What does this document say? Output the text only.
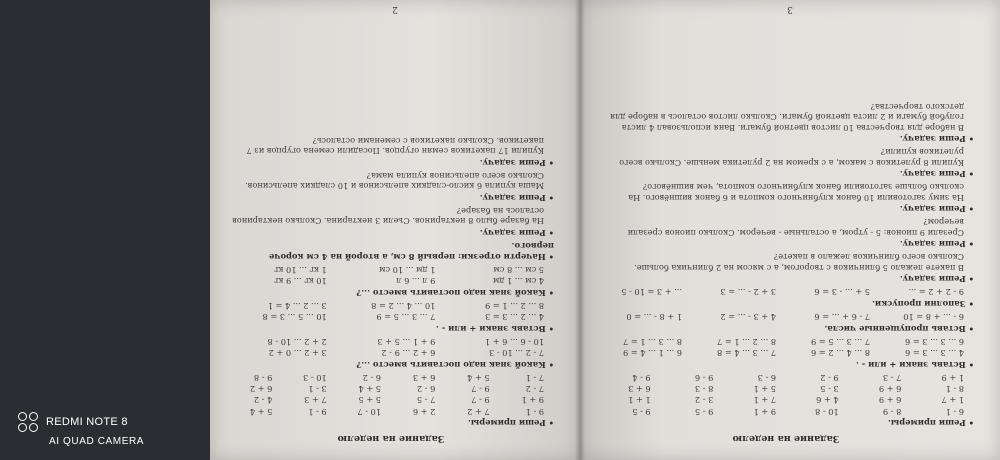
Задание на неделю
• Реши примеры.
9 - 1
7 + 2
2 + 6
10 - 7
9 - 1
5 + 4
9 + 1
9 - 7
7 - 5
5 + 5
7 + 3
4 - 2
7 - 2
9 - 7
6 - 2
5 + 4
3 - 1
6 + 2
7 - 1
5 + 4
6 + 3
6 - 2
10 - 3
9 - 8
• Какой знак надо поставить вместо ...?
7 - 2 ... 10 - 3
6 + 2 ... 9 - 2
3 + 2 ... 0 + 2
10 - 6 ... 6 + 1
9 + 1 ... 5 + 3
2 + 2 ... 10 - 8
• Вставь знаки + или - .
4 ... 2 ... 3 = 3
7 ... 3 ... 5 = 9
10 ... 5 ... 3 = 8
8 ... 2 ... 1 = 9
10 ... 4 ... 2 = 8
3 ... 2 ... 4 = 1
• Какой знак надо поставить вместо ...?
4 см ... 1 дм
9 л ... 6 л
10 кг ... 9 кг
5 см ... 8 см
1 дм ... 10 см
1 кг ... 10 кг
• Начерти отрезки: первый 8 см, а второй на 4 см короче первого.
• Реши задачу.
На базаре было 8 нектаринов. Съели 3 нектарина. Сколько нектаринов осталось на базаре?
• Реши задачу.
Маша купила 6 кисло-сладких апельсинов и 10 сладких апельсинов. Сколько всего апельсинов купила мама?
• Реши задачу.
Купили 17 пакетиков семян огурцов. Посадили семена огурцов из 7 пакетиков. Сколько пакетиков с семенами осталось?
2
Задание на неделю
• Реши примеры.
6 - 1
8 - 9
10 - 8
9 + 1
9 - 5
9 - 5
1 + 7
6 + 9
4 + 6
7 + 1
3 - 2
1 + 1
8 - 1
6 + 9
3 - 5
5 + 1
8 - 3
6 + 3
1 + 9
7 - 3
9 - 2
6 - 3
9 - 6
9 - 4
• Вставь знаки + или - .
4 ... 3 ... 3 = 6
8 ... 4 ... 2 = 6
7 ... 3 ... 4 = 8
6 ... 1 ... 4 = 9
6 ... 3 ... 3 = 6
7 ... 3 ... 5 = 9
8 ... 2 ... 1 = 7
8 ... 3 ... 1 = 7
• Вставь пропущенные числа.
6 - ... + 8 = 10
7 - 6 + ... = 6
4 + 3 - ... = 2
1 + 8 - ... = 0
• Заполни пропуски.
9 - 2 + 2 = ...
5 + ... - 3 = 6
3 + 2 - ... = 3
... + 3 = 10 - 5
• Реши задачу.
В пакете лежало 5 блинчиков с творогом, а с мясом на 2 блинчика больше. Сколько всего блинчиков лежало в пакете?
• Реши задачу.
Срезали 9 пионов: 5 - утром, а остальные - вечером. Сколько пионов срезали вечером?
• Реши задачу.
На зиму заготовили 10 банок клубничного компота и 6 банок вишнёвого. На сколько больше заготовили банок клубничного компота, чем вишнёвого?
• Реши задачу.
Купили 8 рулетиков с маком, а с кремом на 2 рулетика меньше. Сколько всего рулетиков купили?
• Реши задачу.
В наборе для творчества 10 листов цветной бумаги. Ваня использовал 4 листа голубой бумаги и 2 листа цветной бумаги. Сколько листов осталось в наборе для детского творчества?
3
REDMI NOTE 8
AI QUAD CAMERA
